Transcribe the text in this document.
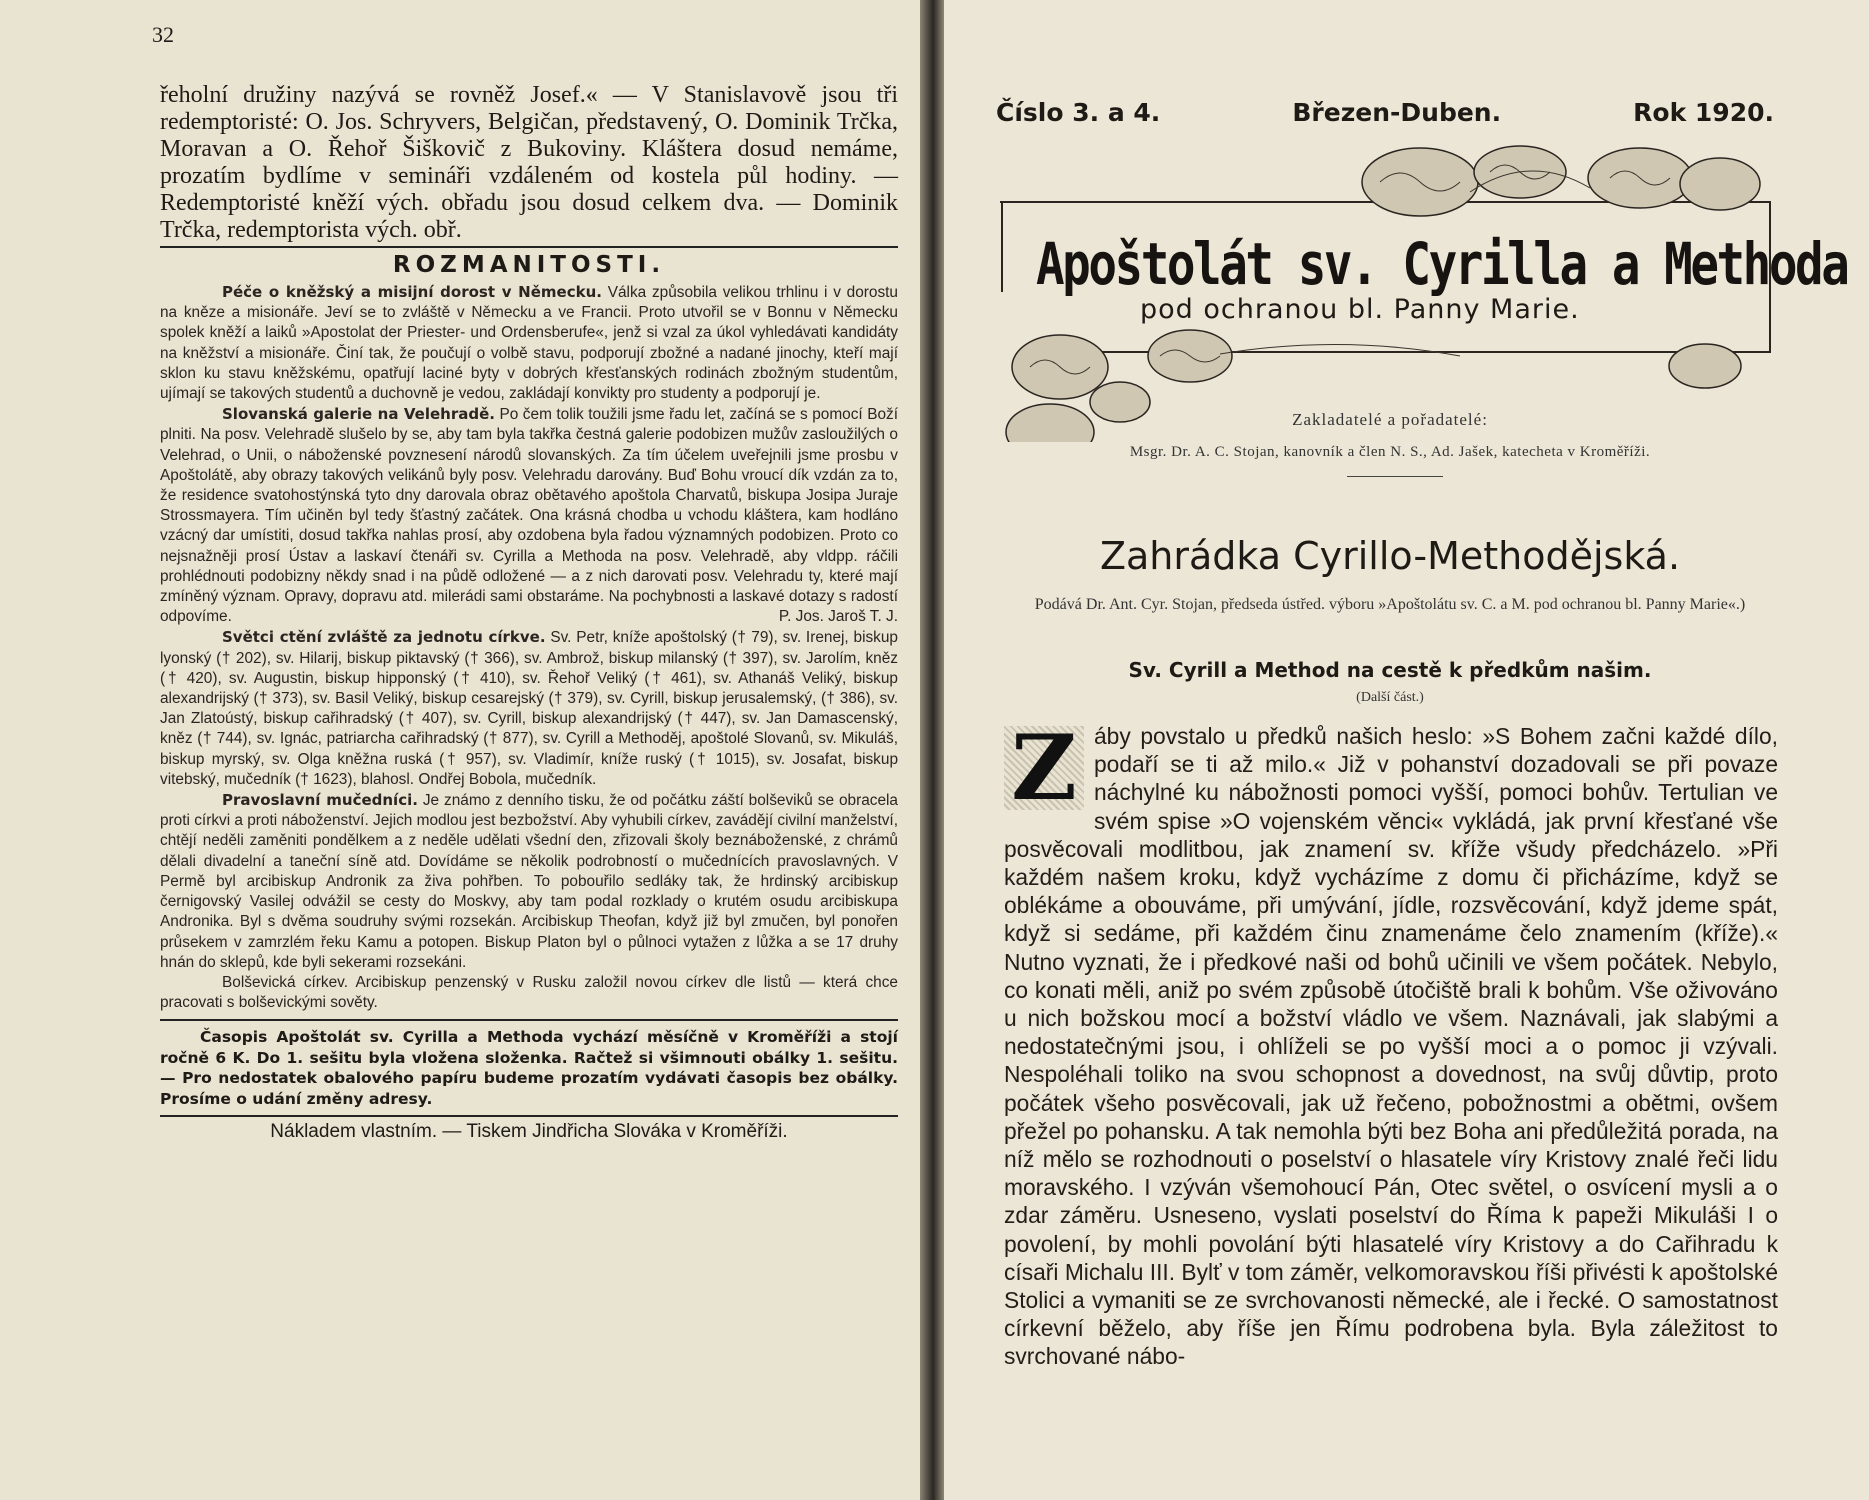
32

řeholní družiny nazývá se rovněž Josef.« — V Stanislavově jsou tři redemptoristé: O. Jos. Schryvers, Belgičan, představený, O. Dominik Trčka, Moravan a O. Řehoř Šiškovič z Bukoviny. Kláštera dosud nemáme, prozatím bydlíme v semináři vzdáleném od kostela půl hodiny. — Redemptoristé kněží vých. obřadu jsou dosud celkem dva. — Dominik Trčka, redemptorista vých. obř.

ROZMANITOSTI.

Péče o kněžský a misijní dorost v Německu. Válka způsobila velikou trhlinu i v dorostu na kněze a misionáře. Jeví se to zvláště v Německu a ve Francii. Proto utvořil se v Bonnu v Německu spolek kněží a laiků »Apostolat der Priester- und Ordensberufe«, jenž si vzal za úkol vyhledávati kandidáty na kněžství a misionáře. Činí tak, že poučují o volbě stavu, podporují zbožné a nadané jinochy, kteří mají sklon ku stavu kněžskému, opatřují laciné byty v dobrých křesťanských rodinách zbožným studentům, ujímají se takových studentů a duchovně je vedou, zakládají konvikty pro studenty a podporují je.

Slovanská galerie na Velehradě. Po čem tolik toužili jsme řadu let, začíná se s pomocí Boží plniti. Na posv. Velehradě slušelo by se, aby tam byla takřka čestná galerie podobizen mužův zasloužilých o Velehrad, o Unii, o náboženské povznesení národů slovanských. Za tím účelem uveřejnili jsme prosbu v Apoštolátě, aby obrazy takových velikánů byly posv. Velehradu darovány. Buď Bohu vroucí dík vzdán za to, že residence svatohostýnská tyto dny darovala obraz obětavého apoštola Charvatů, biskupa Josipa Juraje Strossmayera. Tím učiněn byl tedy šťastný začátek. Ona krásná chodba u vchodu kláštera, kam hodláno vzácný dar umístiti, dosud takřka nahlas prosí, aby ozdobena byla řadou významných podobizen. Proto co nejsnažněji prosí Ústav a laskaví čtenáři sv. Cyrilla a Methoda na posv. Velehradě, aby vldpp. ráčili prohlédnouti podobizny někdy snad i na půdě odložené — a z nich darovati posv. Velehradu ty, které mají zmíněný význam. Opravy, dopravu atd. milerádi sami obstaráme. Na pochybnosti a laskavé dotazy s radostí odpovíme.	P. Jos. Jaroš T. J.

Světci ctění zvláště za jednotu církve. Sv. Petr, kníže apoštolský († 79), sv. Irenej, biskup lyonský († 202), sv. Hilarij, biskup piktavský († 366), sv. Ambrož, biskup milanský († 397), sv. Jarolím, kněz († 420), sv. Augustin, biskup hipponský († 410), sv. Řehoř Veliký († 461), sv. Athanáš Veliký, biskup alexandrijský († 373), sv. Basil Veliký, biskup cesarejský († 379), sv. Cyrill, biskup jerusalemský, († 386), sv. Jan Zlatoústý, biskup cařihradský († 407), sv. Cyrill, biskup alexandrijský († 447), sv. Jan Damascenský, kněz († 744), sv. Ignác, patriarcha cařihradský († 877), sv. Cyrill a Methoděj, apoštolé Slovanů, sv. Mikuláš, biskup myrský, sv. Olga kněžna ruská († 957), sv. Vladimír, kníže ruský († 1015), sv. Josafat, biskup vitebský, mučedník († 1623), blahosl. Ondřej Bobola, mučedník.

Pravoslavní mučedníci. Je známo z denního tisku, že od počátku záští bolševiků se obracela proti církvi a proti náboženství. Jejich modlou jest bezbožství. Aby vyhubili církev, zavádějí civilní manželství, chtějí neděli zaměniti pondělkem a z neděle udělati všední den, zřizovali školy beznáboženské, z chrámů dělali divadelní a taneční síně atd. Dovídáme se několik podrobností o mučednících pravoslavných. V Permě byl arcibiskup Andronik za živa pohřben. To pobouřilo sedláky tak, že hrdinský arcibiskup černigovský Vasilej odvážil se cesty do Moskvy, aby tam podal rozklady o krutém osudu arcibiskupa Andronika. Byl s dvěma soudruhy svými rozsekán. Arcibiskup Theofan, když již byl zmučen, byl ponořen průsekem v zamrzlém řeku Kamu a potopen. Biskup Platon byl o půlnoci vytažen z lůžka a se 17 druhy hnán do sklepů, kde byli sekerami rozsekáni.

Bolševická církev. Arcibiskup penzenský v Rusku založil novou církev dle listů — která chce pracovati s bolševickými sověty.

Časopis Apoštolát sv. Cyrilla a Methoda vychází měsíčně v Kroměříži a stojí ročně 6 K. Do 1. sešitu byla vložena složenka. Račtež si všimnouti obálky 1. sešitu. — Pro nedostatek obalového papíru budeme prozatím vydávati časopis bez obálky. Prosíme o udání změny adresy.
Nákladem vlastním. — Tiskem Jindřicha Slováka v Kroměříži.
Číslo 3. a 4.	Březen-Duben.	Rok 1920.
Apoštolát sv. Cyrilla a Methoda
pod ochranou bl. Panny Marie.
Zakladatelé a pořadatelé:
Msgr. Dr. A. C. Stojan, kanovník a člen N. S., Ad. Jašek, katecheta v Kroměříži.
Zahrádka Cyrillo-Methodějská.
Podává Dr. Ant. Cyr. Stojan, předseda ústřed. výboru »Apoštolátu sv. C. a M. pod ochranou bl. Panny Marie«.)
Sv. Cyrill a Method na cestě k předkům našim.
(Další část.)
Z áby povstalo u předků našich heslo: »S Bohem začni každé dílo, podaří se ti až milo.« Již v pohanství dozadovali se při povaze náchylné ku nábožnosti pomoci vyšší, pomoci bohův. Tertulian ve svém spise »O vojenském věnci« vykládá, jak první křesťané vše posvěcovali modlitbou, jak znamení sv. kříže všudy předcházelo. »Při každém našem kroku, když vycházíme z domu či přicházíme, když se oblékáme a obouváme, při umývání, jídle, rozsvěcování, když jdeme spát, když si sedáme, při každém činu znamenáme čelo znamením (kříže).« Nutno vyznati, že i předkové naši od bohů učinili ve všem počátek. Nebylo, co konati měli, aniž po svém způsobě útočiště brali k bohům. Vše oživováno u nich božskou mocí a božství vládlo ve všem. Naznávali, jak slabými a nedostatečnými jsou, i ohlíželi se po vyšší moci a o pomoc ji vzývali. Nespoléhali toliko na svou schopnost a dovednost, na svůj důvtip, proto počátek všeho posvěcovali, jak už řečeno, pobožnostmi a obětmi, ovšem přežel po pohansku. A tak nemohla býti bez Boha ani předůležitá porada, na níž mělo se rozhodnouti o poselství o hlasatele víry Kristovy znalé řeči lidu moravského. I vzýván všemohoucí Pán, Otec světel, o osvícení mysli a o zdar záměru. Usneseno, vyslati poselství do Říma k papeži Mikuláši I o povolení, by mohli povolání býti hlasatelé víry Kristovy a do Cařihradu k císaři Michalu III. Bylť v tom záměr, velkomoravskou říši přivésti k apoštolské Stolici a vymaniti se ze svrchovanosti německé, ale i řecké. O samostatnost církevní běželo, aby říše jen Římu podrobena byla. Byla záležitost to svrchované nábo-
